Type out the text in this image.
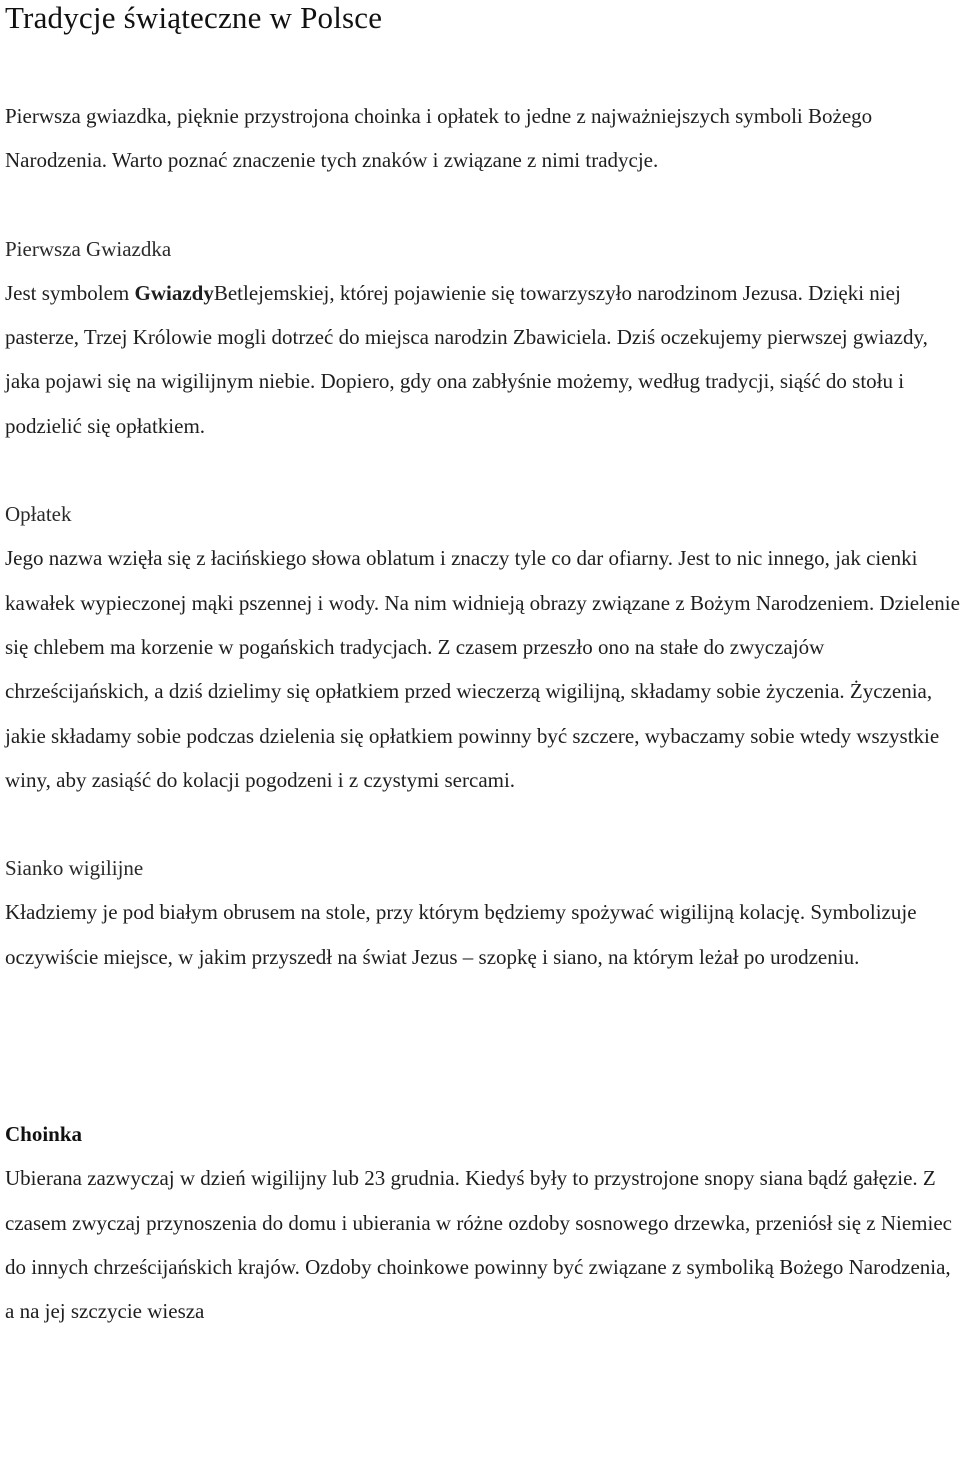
Tradycje świąteczne w Polsce

Pierwsza gwiazdka, pięknie przystrojona choinka i opłatek to jedne z najważniejszych symboli Bożego Narodzenia. Warto poznać znaczenie tych znaków i związane z nimi tradycje.

Pierwsza Gwiazdka

Jest symbolem GwiazdyBetlejemskiej, której pojawienie się towarzyszyło narodzinom Jezusa. Dzięki niej pasterze, Trzej Królowie mogli dotrzeć do miejsca narodzin Zbawiciela. Dziś oczekujemy pierwszej gwiazdy, jaka pojawi się na wigilijnym niebie. Dopiero, gdy ona zabłyśnie możemy, według tradycji, siąść do stołu i podzielić się opłatkiem.

Opłatek

Jego nazwa wzięła się z łacińskiego słowa oblatum i znaczy tyle co dar ofiarny. Jest to nic innego, jak cienki kawałek wypieczonej mąki pszennej i wody. Na nim widnieją obrazy związane z Bożym Narodzeniem. Dzielenie się chlebem ma korzenie w pogańskich tradycjach. Z czasem przeszło ono na stałe do zwyczajów chrześcijańskich, a dziś dzielimy się opłatkiem przed wieczerzą wigilijną, składamy sobie życzenia. Życzenia, jakie składamy sobie podczas dzielenia się opłatkiem powinny być szczere, wybaczamy sobie wtedy wszystkie winy, aby zasiąść do kolacji pogodzeni i z czystymi sercami.

Sianko wigilijne

Kładziemy je pod białym obrusem na stole, przy którym będziemy spożywać wigilijną kolację. Symbolizuje oczywiście miejsce, w jakim przyszedł na świat Jezus – szopkę i siano, na którym leżał po urodzeniu.

Choinka

Ubierana zazwyczaj w dzień wigilijny lub 23 grudnia. Kiedyś były to przystrojone snopy siana bądź gałęzie. Z czasem zwyczaj przynoszenia do domu i ubierania w różne ozdoby sosnowego drzewka, przeniósł się z Niemiec do innych chrześcijańskich krajów. Ozdoby choinkowe powinny być związane z symboliką Bożego Narodzenia, a na jej szczycie wiesza
